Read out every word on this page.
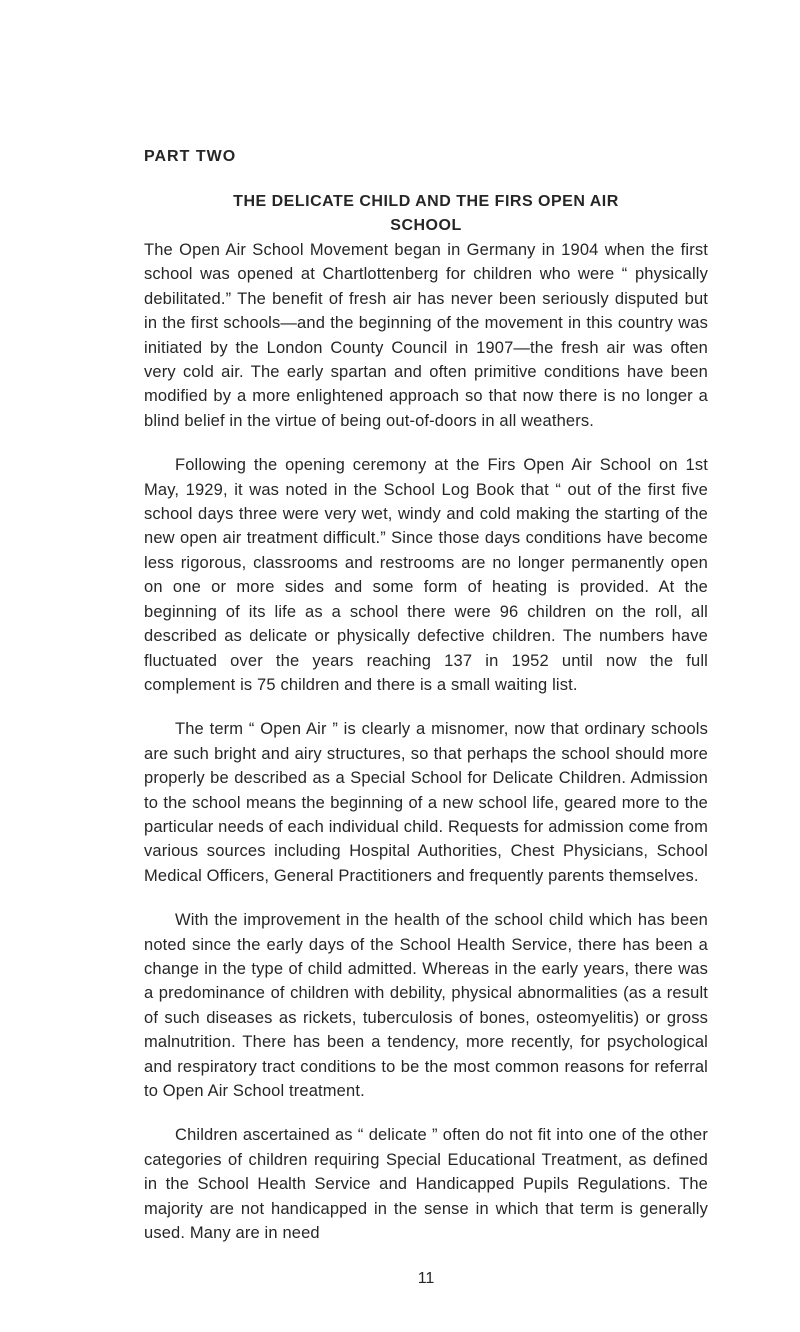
PART TWO

THE DELICATE CHILD AND THE FIRS OPEN AIR
SCHOOL

The Open Air School Movement began in Germany in 1904 when the first school was opened at Chartlottenberg for children who were “ physically debilitated.” The benefit of fresh air has never been seriously disputed but in the first schools—and the beginning of the movement in this country was initiated by the London County Council in 1907—the fresh air was often very cold air. The early spartan and often primitive conditions have been modified by a more enlightened approach so that now there is no longer a blind belief in the virtue of being out-of-doors in all weathers.

Following the opening ceremony at the Firs Open Air School on 1st May, 1929, it was noted in the School Log Book that “ out of the first five school days three were very wet, windy and cold making the starting of the new open air treatment difficult.” Since those days conditions have become less rigorous, classrooms and restrooms are no longer permanently open on one or more sides and some form of heating is provided. At the beginning of its life as a school there were 96 children on the roll, all described as delicate or physically defective children. The numbers have fluctuated over the years reaching 137 in 1952 until now the full complement is 75 children and there is a small waiting list.

The term “ Open Air ” is clearly a misnomer, now that ordinary schools are such bright and airy structures, so that perhaps the school should more properly be described as a Special School for Delicate Children. Admission to the school means the beginning of a new school life, geared more to the particular needs of each individual child. Requests for admission come from various sources including Hospital Authorities, Chest Physicians, School Medical Officers, General Practitioners and frequently parents themselves.

With the improvement in the health of the school child which has been noted since the early days of the School Health Service, there has been a change in the type of child admitted. Whereas in the early years, there was a predominance of children with debility, physical abnormalities (as a result of such diseases as rickets, tuberculosis of bones, osteomyelitis) or gross malnutrition. There has been a tendency, more recently, for psychological and respiratory tract conditions to be the most common reasons for referral to Open Air School treatment.

Children ascertained as “ delicate ” often do not fit into one of the other categories of children requiring Special Educational Treatment, as defined in the School Health Service and Handicapped Pupils Regulations. The majority are not handicapped in the sense in which that term is generally used. Many are in need

11
